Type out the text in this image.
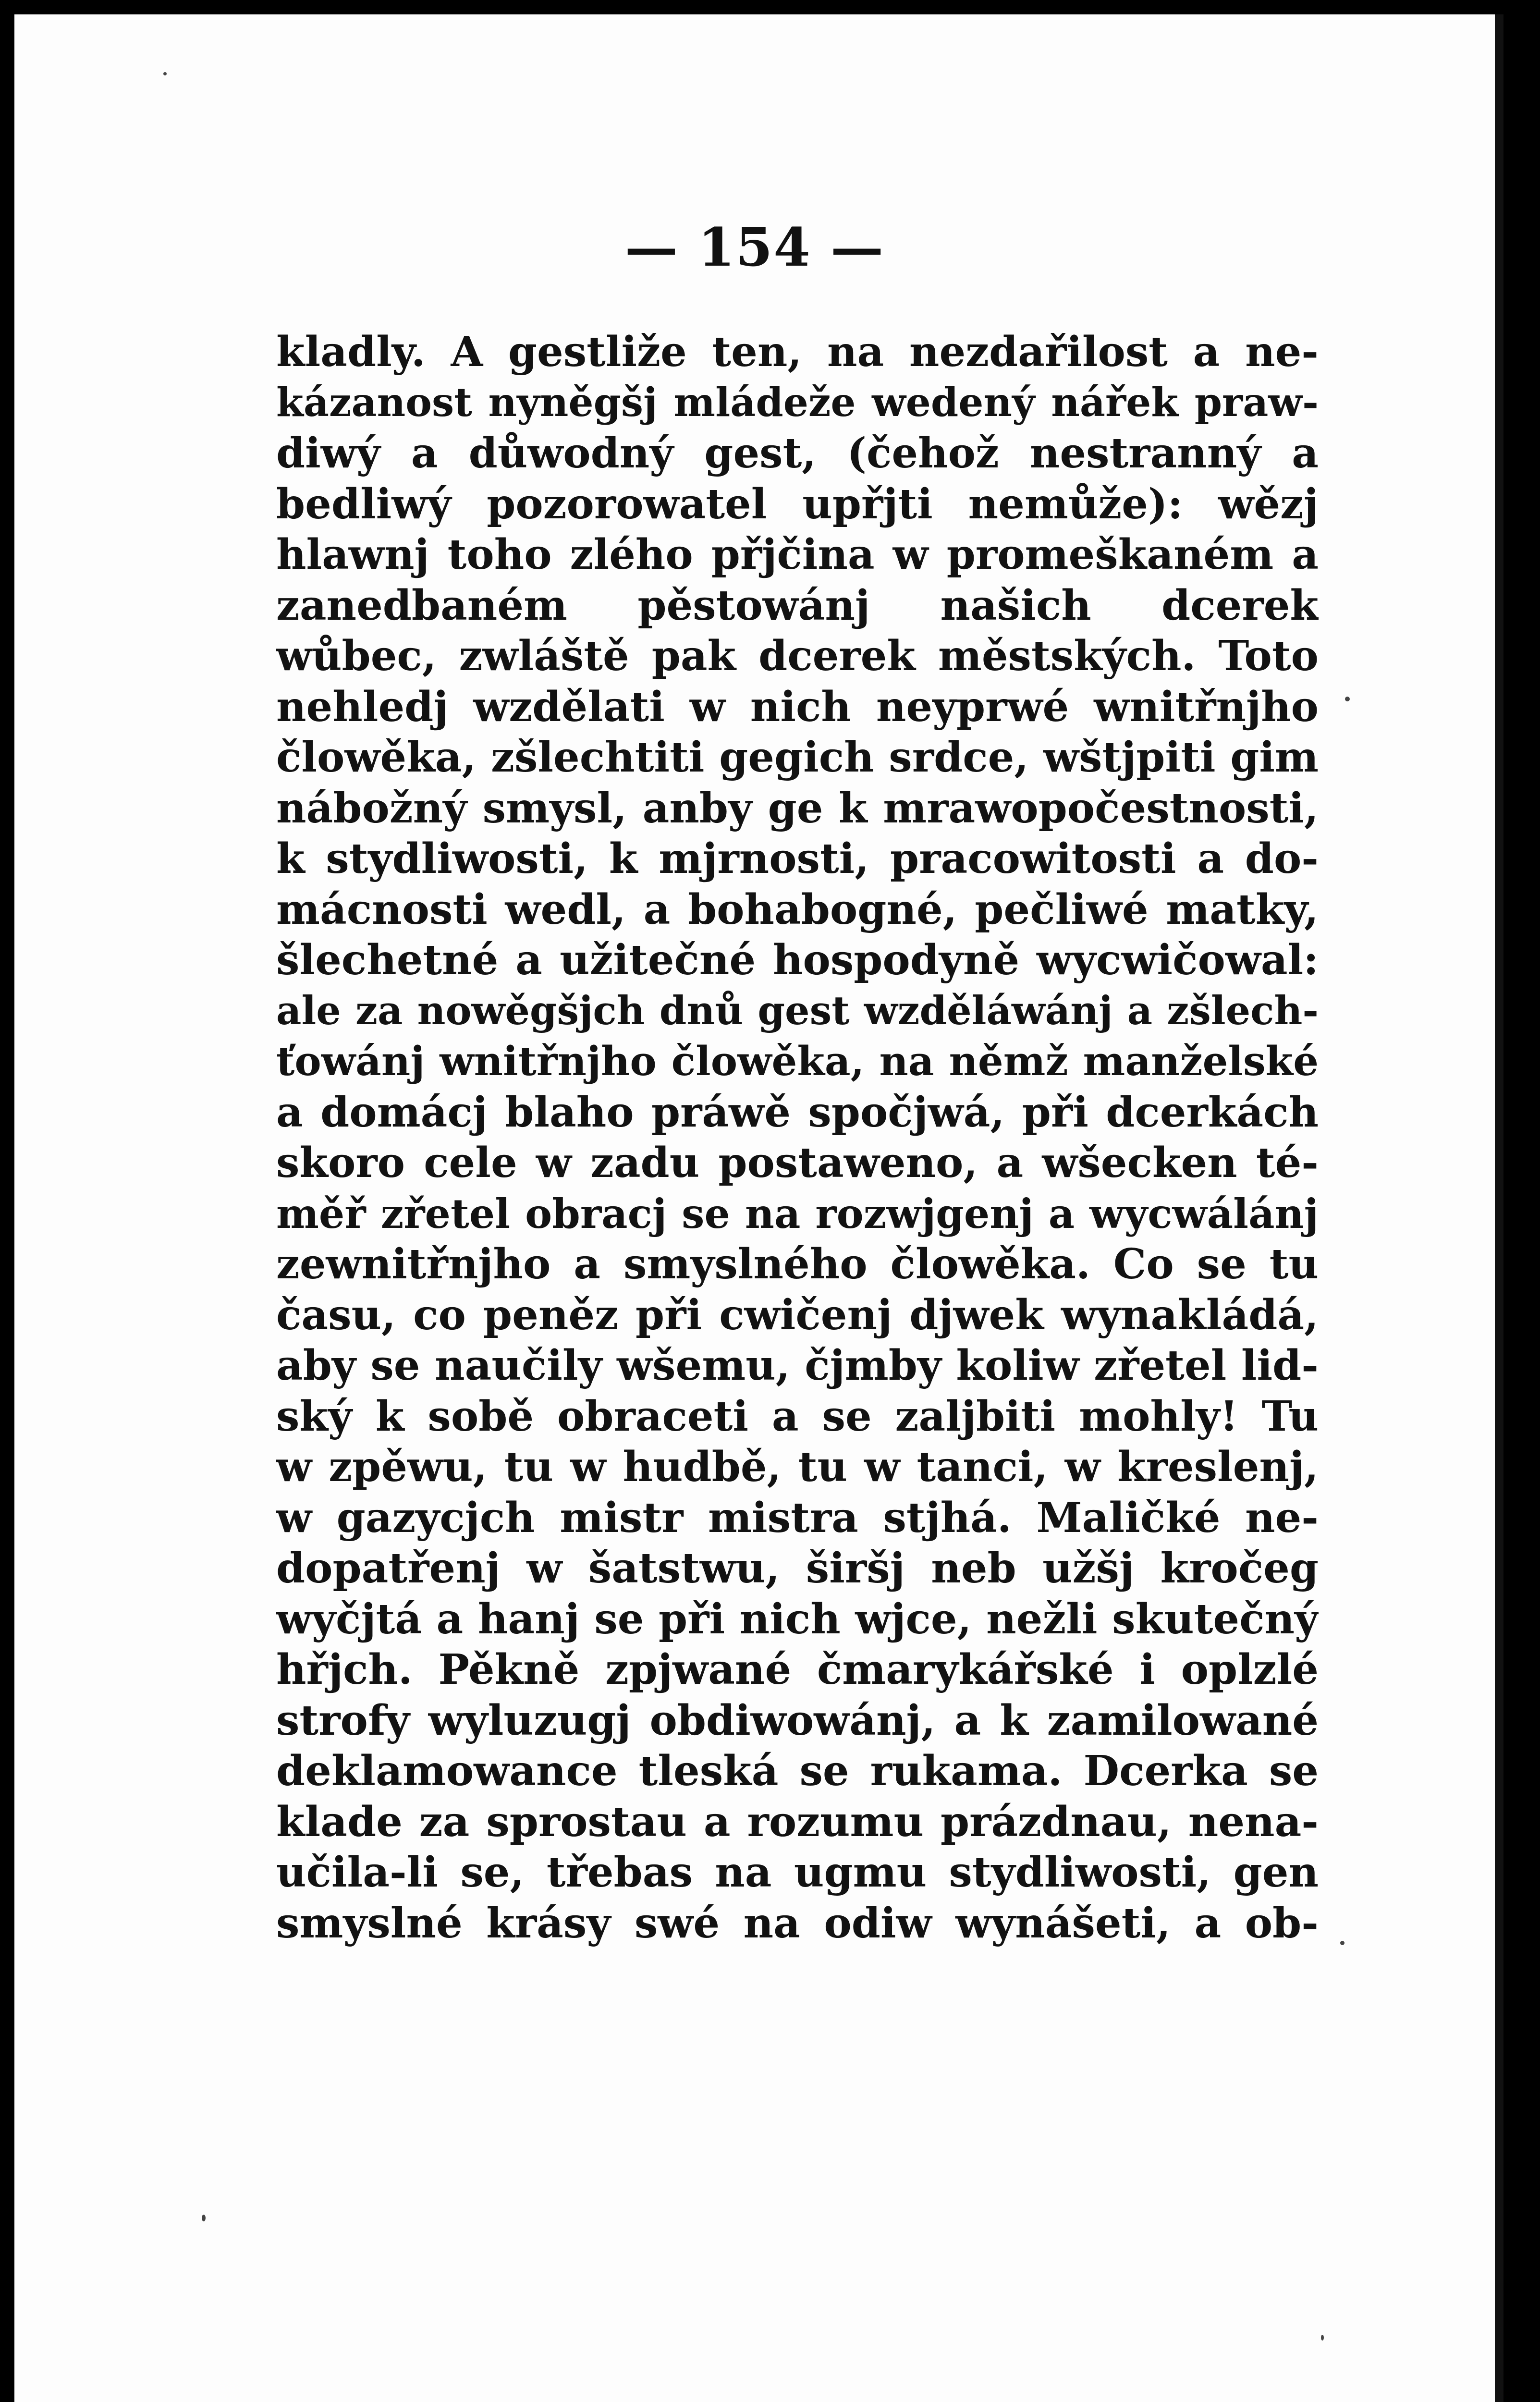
— 154 —
kladly. A gestliže ten, na nezdařilost a ne-
kázanost nyněgšj mládeže wedený nářek praw-
diwý a důwodný gest, (čehož nestranný a
bedliwý pozorowatel upřjti nemůže): wězj
hlawnj toho zlého přjčina w promeškaném a
zanedbaném pěstowánj našich dcerek
wůbec, zwláště pak dcerek městských. Toto
nehledj wzdělati w nich neyprwé wnitřnjho
člowěka, zšlechtiti gegich srdce, wštjpiti gim
nábožný smysl, anby ge k mrawopočestnosti,
k stydliwosti, k mjrnosti, pracowitosti a do-
mácnosti wedl, a bohabogné, pečliwé matky,
šlechetné a užitečné hospodyně wycwičowal:
ale za nowěgšjch dnů gest wzděláwánj a zšlech-
ťowánj wnitřnjho člowěka, na němž manželské
a domácj blaho práwě spočjwá, při dcerkách
skoro cele w zadu postaweno, a wšecken té-
měř zřetel obracj se na rozwjgenj a wycwálánj
zewnitřnjho a smyslného člowěka. Co se tu
času, co peněz při cwičenj djwek wynakládá,
aby se naučily wšemu, čjmby koliw zřetel lid-
ský k sobě obraceti a se zaljbiti mohly! Tu
w zpěwu, tu w hudbě, tu w tanci, w kreslenj,
w gazycjch mistr mistra stjhá. Maličké ne-
dopatřenj w šatstwu, širšj neb užšj kročeg
wyčjtá a hanj se při nich wjce, nežli skutečný
hřjch. Pěkně zpjwané čmarykářské i oplzlé
strofy wyluzugj obdiwowánj, a k zamilowané
deklamowance tleská se rukama. Dcerka se
klade za sprostau a rozumu prázdnau, nena-
učila-li se, třebas na ugmu stydliwosti, gen
smyslné krásy swé na odiw wynášeti, a ob-
